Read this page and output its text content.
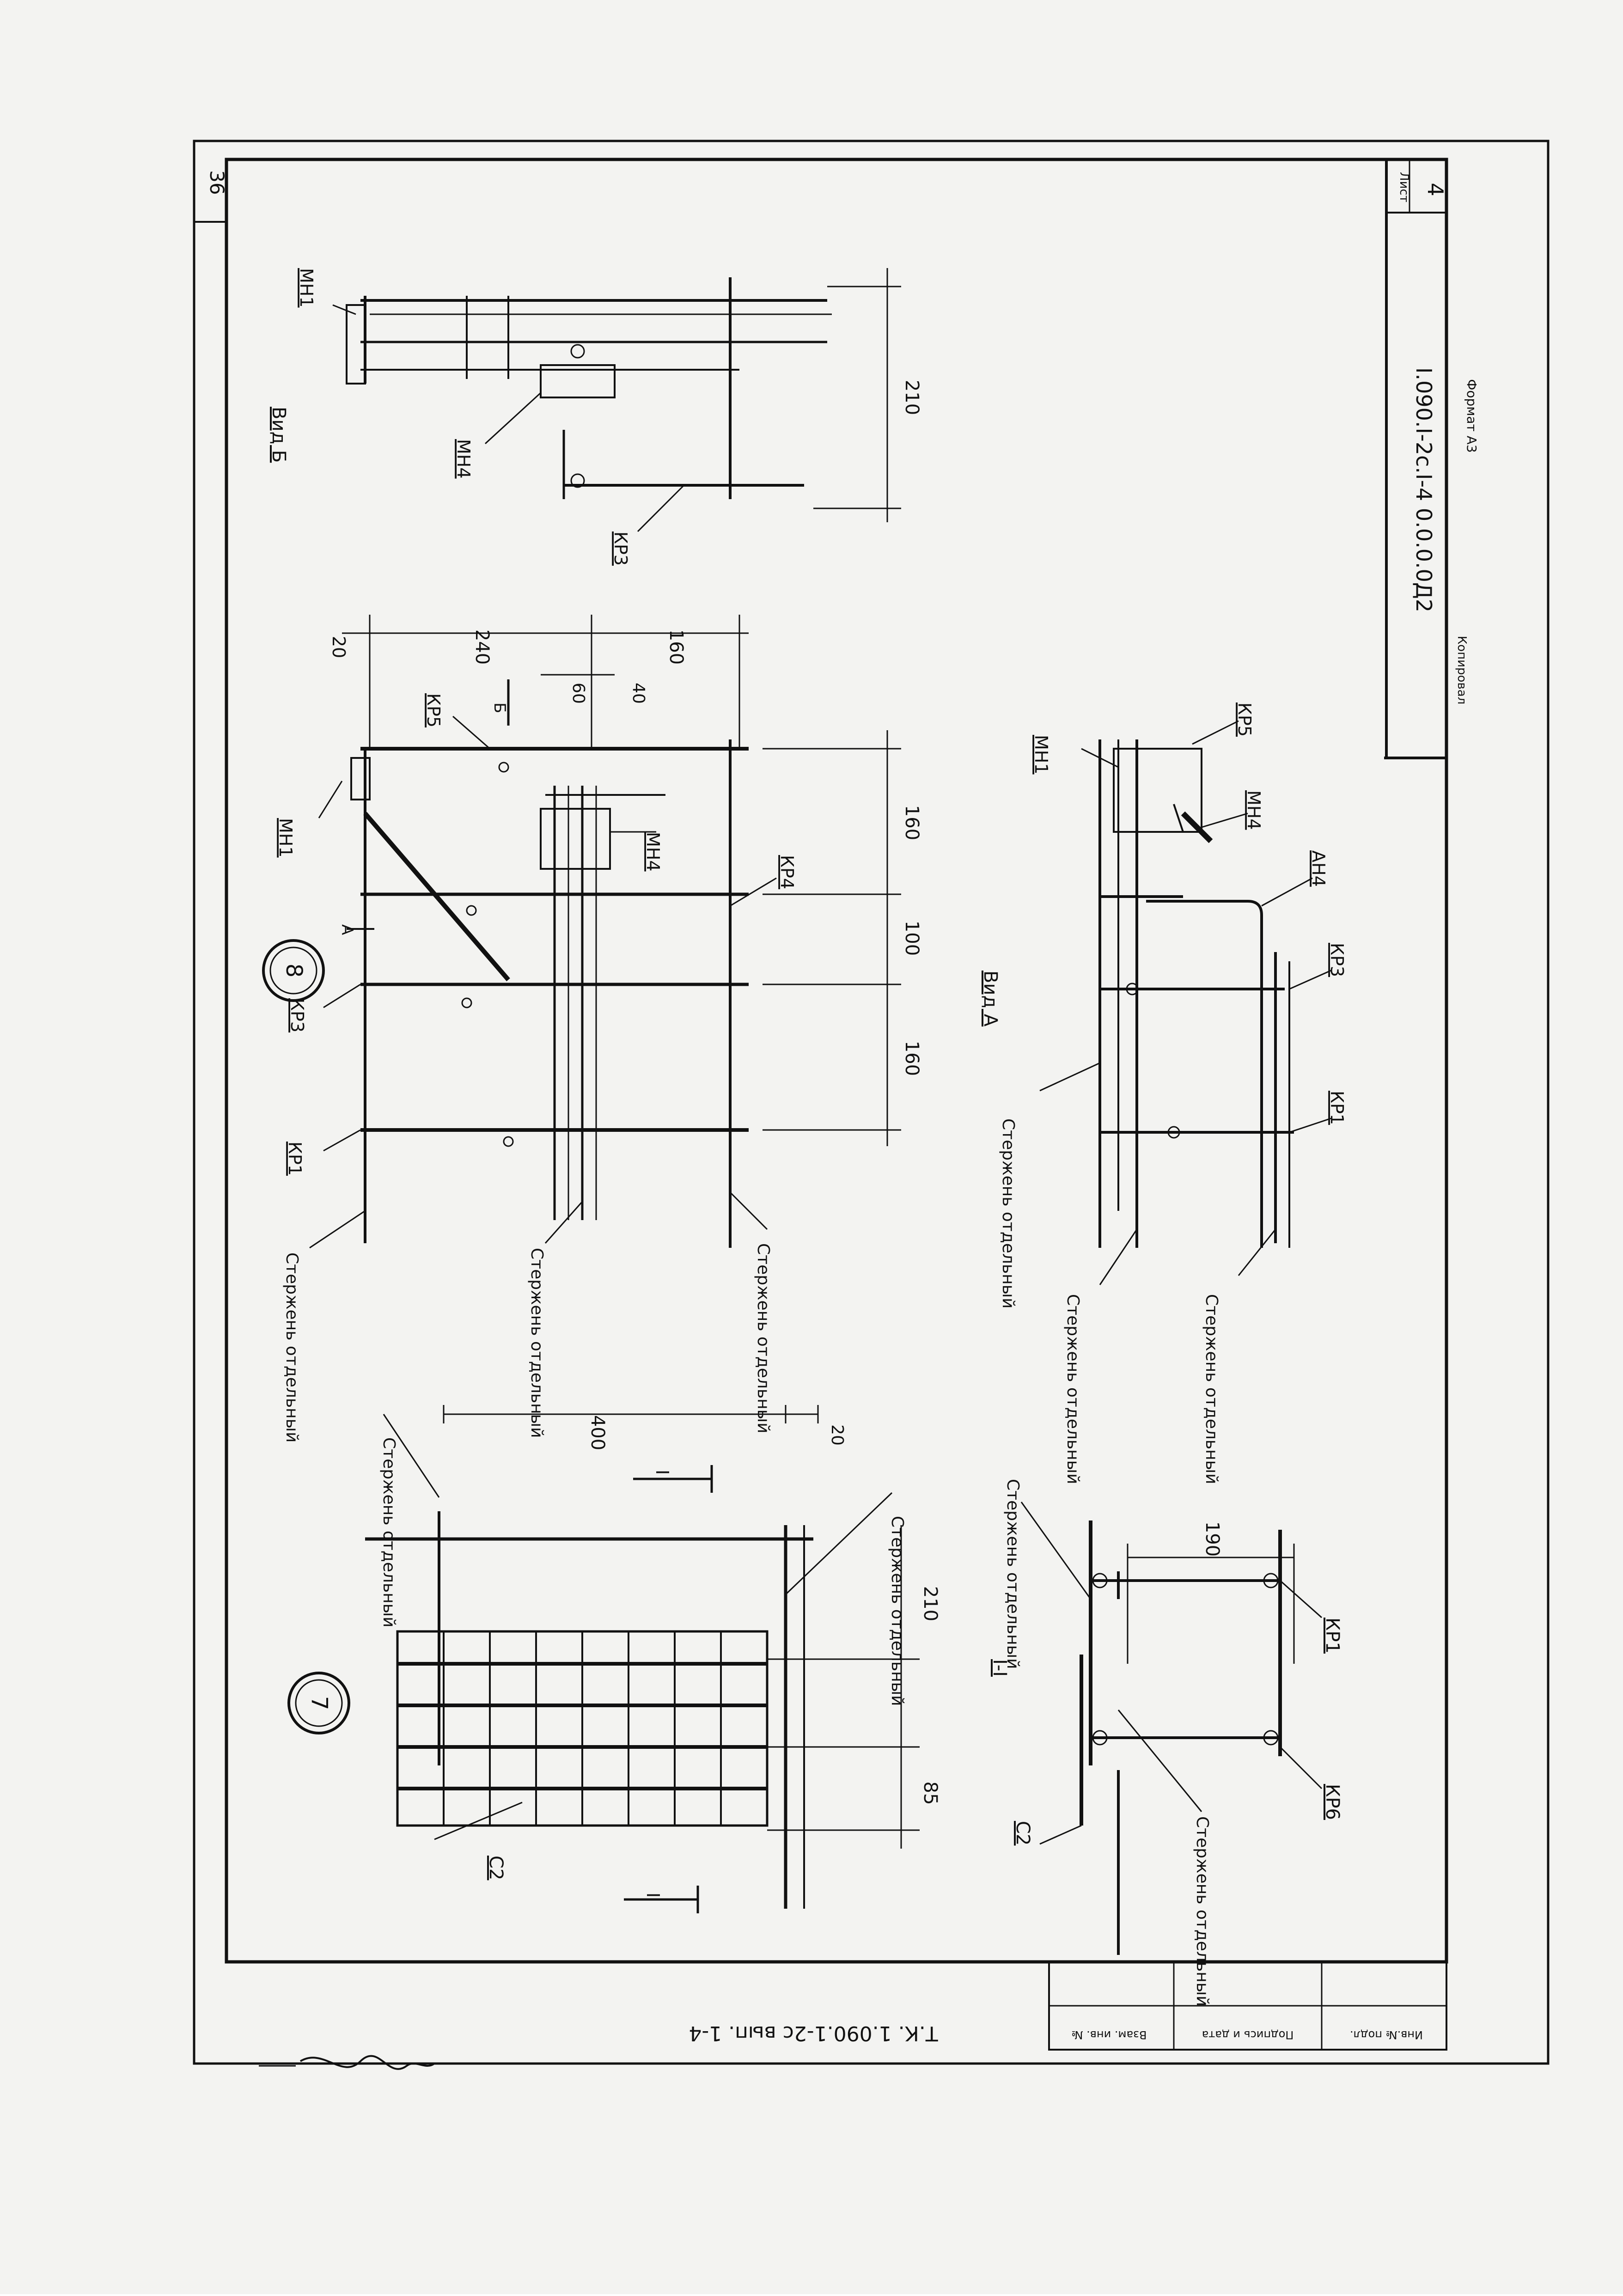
36	Лист 4
I.090.I-2c.I-4 0.0.0.0Д2
Копировал
Формат А3
Взам. инв. №	Подпись и дата	Инв.№ подл.
Т.К. 1.090.1-2с вып. 1-4
7
I
I
С2
Стержень отдельный	Стержень отдельный
400	20
210
85
I-I
190
Стержень отдельный
Стержень отдельный
С2
КР6
КР1
8
А
160
100
160
20	240
60 40
160
Б
КР5
МН1	МН4
КР4
КР3
КР1
Стержень отдельный	Стержень отдельный	Стержень отдельный
Вид А
МН1
КР5
МН4
АН4
КР3
КР1
Стержень отдельный
Стержень отдельный	Стержень отдельный
Вид Б
МН1
МН4
КР3
210
